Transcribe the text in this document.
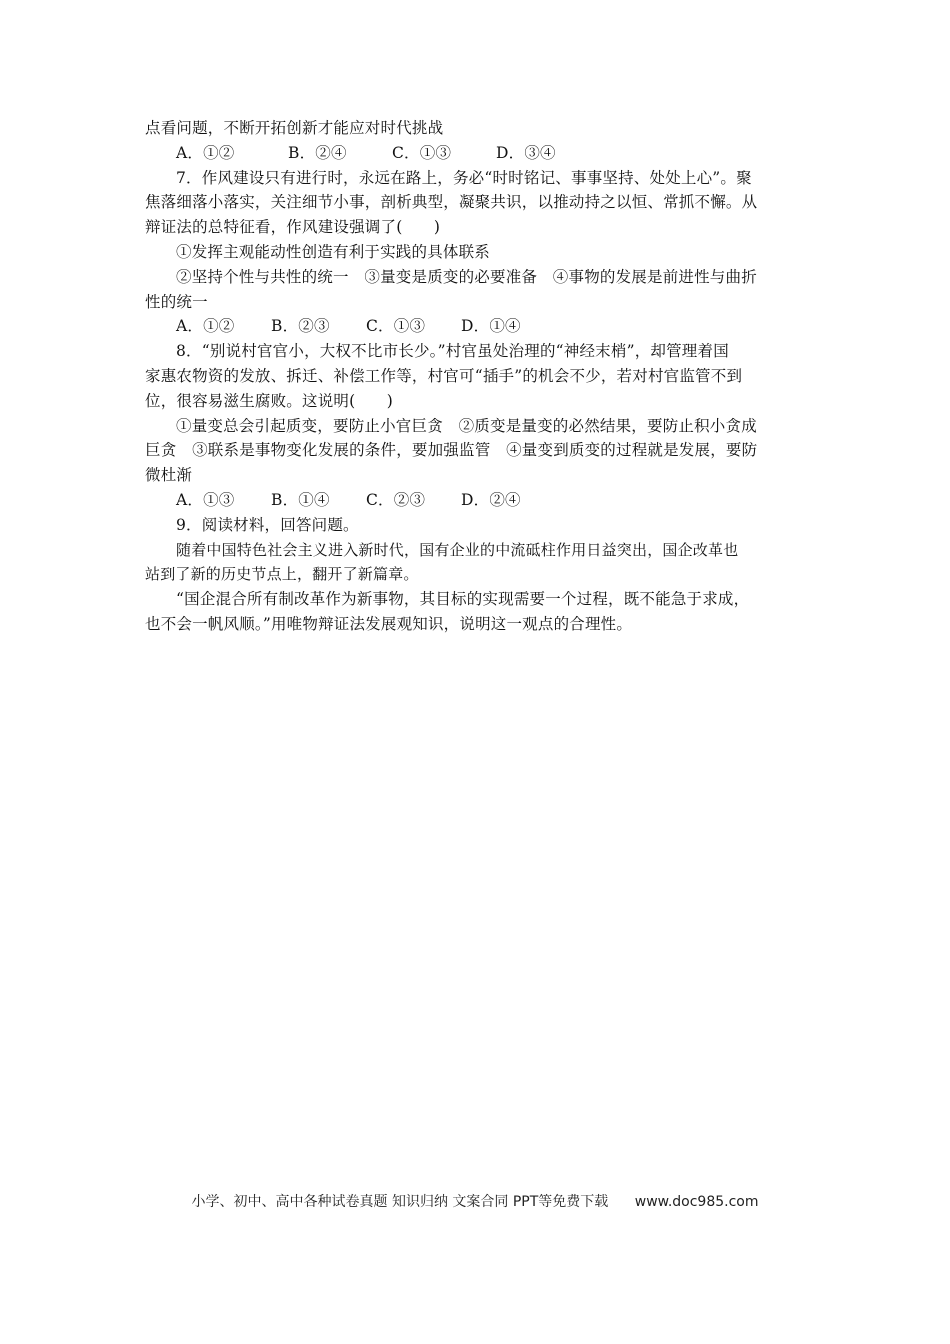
点看问题，不断开拓创新才能应对时代挑战
A．①②	B．②④	C．①③	D．③④
7．作风建设只有进行时，永远在路上，务必“时时铭记、事事坚持、处处上心”。聚
焦落细落小落实，关注细节小事，剖析典型，凝聚共识，以推动持之以恒、常抓不懈。从
辩证法的总特征看，作风建设强调了(　　)
①发挥主观能动性创造有利于实践的具体联系
②坚持个性与共性的统一　③量变是质变的必要准备　④事物的发展是前进性与曲折
性的统一
A．①②	B．②③	C．①③	D．①④
8．“别说村官官小，大权不比市长少。”村官虽处治理的“神经末梢”，却管理着国
家惠农物资的发放、拆迁、补偿工作等，村官可“插手”的机会不少，若对村官监管不到
位，很容易滋生腐败。这说明(　　)
①量变总会引起质变，要防止小官巨贪　②质变是量变的必然结果，要防止积小贪成
巨贪　③联系是事物变化发展的条件，要加强监管　④量变到质变的过程就是发展，要防
微杜渐
A．①③	B．①④	C．②③	D．②④
9．阅读材料，回答问题。
随着中国特色社会主义进入新时代，国有企业的中流砥柱作用日益突出，国企改革也
站到了新的历史节点上，翻开了新篇章。
“国企混合所有制改革作为新事物，其目标的实现需要一个过程，既不能急于求成，
也不会一帆风顺。”用唯物辩证法发展观知识，说明这一观点的合理性。
小学、初中、高中各种试卷真题 知识归纳 文案合同 PPT等免费下载 www.doc985.com
